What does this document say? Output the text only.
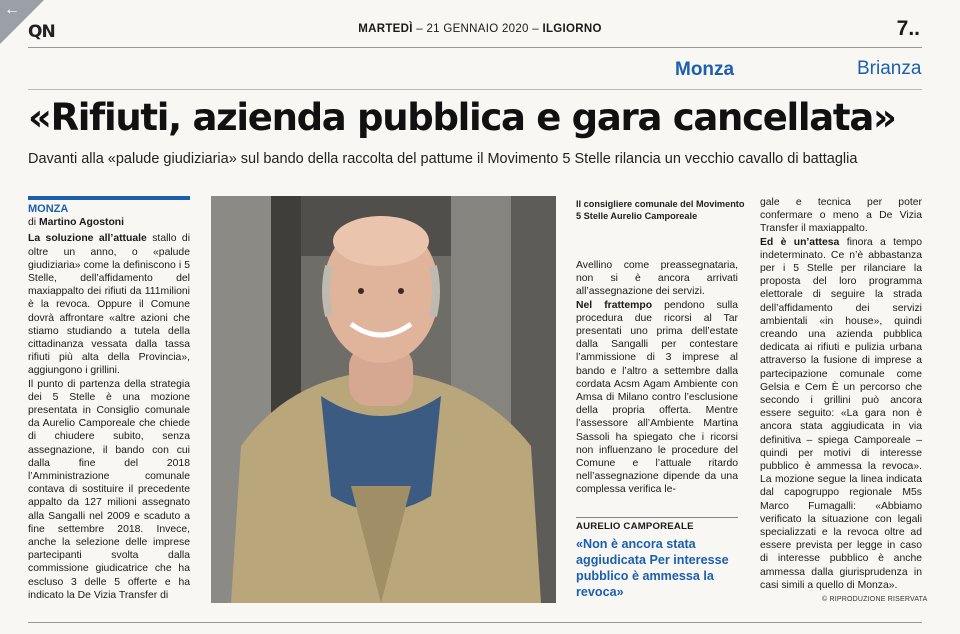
←
QN	MARTEDÌ – 21 GENNAIO 2020 – ILGIORNO	7..
Monza	Brianza
«Rifiuti, azienda pubblica e gara cancellata»
Davanti alla «palude giudiziaria» sul bando della raccolta del pattume il Movimento 5 Stelle rilancia un vecchio cavallo di battaglia
MONZA
di Martino Agostoni

La soluzione all’attuale stallo di oltre un anno, o «palude giudiziaria» come la definiscono i 5 Stelle, dell’affidamento del maxiappalto dei rifiuti da 111milioni è la revoca. Oppure il Comune dovrà affrontare «altre azioni che stiamo studiando a tutela della cittadinanza vessata dalla tassa rifiuti più alta della Provincia», aggiungono i grillini.

Il punto di partenza della strategia dei 5 Stelle è una mozione presentata in Consiglio comunale da Aurelio Camporeale che chiede di chiudere subito, senza assegnazione, il bando con cui dalla fine del 2018 l’Amministrazione comunale contava di sostituire il precedente appalto da 127 milioni assegnato alla Sangalli nel 2009 e scaduto a fine settembre 2018. Invece, anche la selezione delle imprese partecipanti svolta dalla commissione giudicatrice che ha escluso 3 delle 5 offerte e ha indicato la De Vizia Transfer di

Il consigliere comunale del Movimento 5 Stelle Aurelio Camporeale

Avellino come preassegnataria, non si è ancora arrivati all’assegnazione dei servizi.

Nel frattempo pendono sulla procedura due ricorsi al Tar presentati uno prima dell’estate dalla Sangalli per contestare l’ammissione di 3 imprese al bando e l’altro a settembre dalla cordata Acsm Agam Ambiente con Amsa di Milano contro l’esclusione della propria offerta. Mentre l’assessore all’Ambiente Martina Sassoli ha spiegato che i ricorsi non influenzano le procedure del Comune e l’attuale ritardo nell’assegnazione dipende da una complessa verifica le-

AURELIO CAMPOREALE
«Non è ancora stata aggiudicata Per interesse pubblico è ammessa la revoca»

gale e tecnica per poter confermare o meno a De Vizia Transfer il maxiappalto.

Ed è un’attesa finora a tempo indeterminato. Ce n’è abbastanza per i 5 Stelle per rilanciare la proposta del loro programma elettorale di seguire la strada dell’affidamento dei servizi ambientali «in house», quindi creando una azienda pubblica dedicata ai rifiuti e pulizia urbana attraverso la fusione di imprese a partecipazione comunale come Gelsia e Cem È un percorso che secondo i grillini può ancora essere seguito: «La gara non è ancora stata aggiudicata in via definitiva – spiega Camporeale – quindi per motivi di interesse pubblico è ammessa la revoca». La mozione segue la linea indicata dal capogruppo regionale M5s Marco Fumagalli: «Abbiamo verificato la situazione con legali specializzati e la revoca oltre ad essere prevista per legge in caso di interesse pubblico è anche ammessa dalla giurisprudenza in casi simili a quello di Monza».

© RIPRODUZIONE RISERVATA
